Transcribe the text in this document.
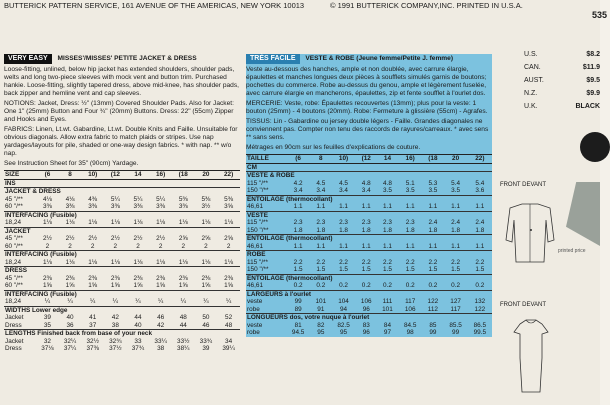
BUTTERICK PATTERN SERVICE, 161 AVENUE OF THE AMERICAS, NEW YORK 10013	© 1991 BUTTERICK COMPANY,INC. PRINTED IN U.S.A.
VERY EASY MISSES'/MISSES' PETITE JACKET & DRESS
Loose-fitting, unlined, below hip jacket has extended shoulders, shoulder pads, welts and long two-piece sleeves with mock vent and button trim. Purchased hankie. Loose-fitting, slightly tapered dress, above mid-knee, has shoulder pads, back zipper and hemline vent and cap sleeves.
NOTIONS: Jacket, Dress: ½" (13mm) Covered Shoulder Pads. Also for Jacket: One 1" (25mm) Button and Four ¾" (20mm) Buttons. Dress: 22" (55cm) Zipper and Hooks and Eyes.
FABRICS: Linen, Lt.wt. Gabardine, Lt.wt. Double Knits and Faille. Unsuitable for obvious diagonals. Allow extra fabric to match plaids or stripes. Use nap yardages/layouts for pile, shaded or one-way design fabrics. * with nap. ** w/o nap.
See Instruction Sheet for 35" (90cm) Yardage.
SIZE	(6	8	10)	(12	14	16)	(18	20	22)
INS									
JACKET & DRESS									
45 "/**	4⅛	4⅛	4⅜	5¼	5¼	5¼	5⅜	5⅜	5⅜
60 "/**	3⅜	3⅜	3⅜	3⅜	3⅜	3⅜	3⅜	3½	3⅝
INTERFACING (Fusible)									
18,24	1⅛	1⅛	1⅛	1⅛	1⅛	1⅛	1⅛	1⅛	1⅛
JACKET									
45 "/**	2½	2½	2½	2½	2½	2½	2⅝	2⅝	2⅝
60 "/**	2	2	2	2	2	2	2	2	2
INTERFACING (Fusible)									
18,24	1⅛	1⅛	1⅛	1⅛	1⅛	1⅛	1⅛	1⅛	1⅛
DRESS									
45 "/**	2⅜	2⅜	2⅜	2⅜	2⅜	2⅜	2⅜	2⅜	2⅜
60 "/**	1⅝	1⅝	1⅝	1⅝	1⅝	1⅝	1⅝	1⅝	1⅝
INTERFACING (Fusible)									
18,24	¼	¼	¼	¼	¼	¼	¼	¼	¼
WIDTHS Lower edge									
Jacket	39	40	41	42	44	46	48	50	52
Dress	35	36	37	38	40	42	44	46	48
LENGTHS Finished back from base of your neck									
Jacket	32	32¼	32½	32¾	33	33¼	33½	33¾	34
Dress	37⅛	37¼	37⅜	37½	37¾	38	38¼	39	39¼
TRÈS FACILE VESTE & ROBE (Jeune femme/Petite J. femme)
Veste au-dessous des hanches, ample et non doublée, avec carrure élargie, épaulettes et manches longues deux pièces à soufflets simulés garnis de boutons; pochettes du commerce. Robe au-dessus du genou, ample et légèrement fuselée, avec carrure élargie en mancherons, épaulettes, zip et fente soufflet à l'ourlet dos.
MERCERIE: Veste, robe: Épaulettes recouvertes (13mm); plus pour la veste: 1 bouton (25mm) - 4 boutons (20mm). Robe: Fermeture à glissière (55cm) - Agrafes.
TISSUS: Lin - Gabardine ou jersey double légers - Faille. Grandes diagonales ne conviennent pas. Compter non tenu des raccords de rayures/carreaux. * avec sens ** sans sens.
Métrages en 90cm sur les feuilles d'explications de couture.
TAILLE	(6	8	10)	(12	14	16)	(18	20	22)
CM									
VESTE & ROBE									
115 "/**	4.2	4.5	4.5	4.8	4.8	5.1	5.3	5.4	5.4
150 "/**	3.4	3.4	3.4	3.4	3.5	3.5	3.5	3.5	3.6
ENTOILAGE (thermocollant)									
46,61	1.1	1.1	1.1	1.1	1.1	1.1	1.1	1.1	1.1
VESTE									
115 "/**	2.3	2.3	2.3	2.3	2.3	2.3	2.4	2.4	2.4
150 "/**	1.8	1.8	1.8	1.8	1.8	1.8	1.8	1.8	1.8
ENTOILAGE (thermocollant)									
46,61	1.1	1.1	1.1	1.1	1.1	1.1	1.1	1.1	1.1
ROBE									
115 "/**	2.2	2.2	2.2	2.2	2.2	2.2	2.2	2.2	2.2
150 "/**	1.5	1.5	1.5	1.5	1.5	1.5	1.5	1.5	1.5
ENTOILAGE (thermocollant)									
46,61	0.2	0.2	0.2	0.2	0.2	0.2	0.2	0.2	0.2
LARGEURS à l'ourlet									
veste	99	101	104	106	111	117	122	127	132
robe	89	91	94	96	101	106	112	117	122
LONGUEURS dos, votre nuque à l'ourlet									
veste	81	82	82.5	83	84	84.5	85	85.5	86.5
robe	94.5	95	95	96	97	98	99	99	99.5
535
U.S.	$8.2
CAN.	$11.9
AUST.	$9.5
N.Z.	$9.9
U.K.	BLACK
printed price
FRONT DEVANT
FRONT DEVANT
